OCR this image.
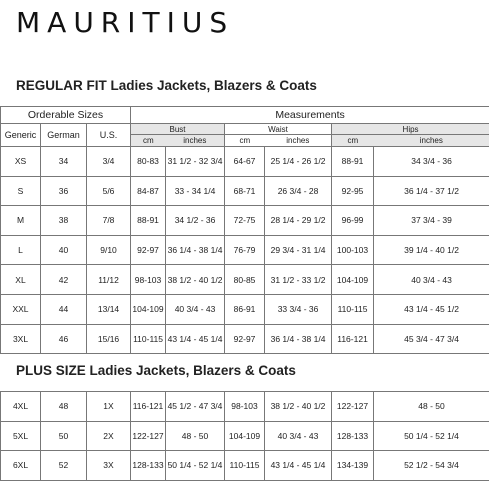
MAURITIUS
REGULAR FIT Ladies Jackets, Blazers & Coats
Orderable Sizes			Measurements					
Generic	German	U.S.	Bust		Waist		Hips	
			cm	inches	cm	inches	cm	inches
XS	34	3/4	80-83	31 1/2 - 32 3/4	64-67	25 1/4 - 26 1/2	88-91	34 3/4 - 36
S	36	5/6	84-87	33 - 34 1/4	68-71	26 3/4 - 28	92-95	36 1/4 - 37 1/2
M	38	7/8	88-91	34 1/2 - 36	72-75	28 1/4 - 29 1/2	96-99	37 3/4 - 39
L	40	9/10	92-97	36 1/4 - 38 1/4	76-79	29 3/4 - 31 1/4	100-103	39 1/4 - 40 1/2
XL	42	11/12	98-103	38 1/2 - 40 1/2	80-85	31 1/2 - 33 1/2	104-109	40 3/4 - 43
XXL	44	13/14	104-109	40 3/4 - 43	86-91	33 3/4 - 36	110-115	43 1/4 - 45 1/2
3XL	46	15/16	110-115	43 1/4 - 45 1/4	92-97	36 1/4 - 38 1/4	116-121	45 3/4 - 47 3/4
PLUS SIZE Ladies Jackets, Blazers & Coats
4XL	48	1X	116-121	45 1/2 - 47 3/4	98-103	38 1/2 - 40 1/2	122-127	48 - 50
5XL	50	2X	122-127	48 - 50	104-109	40 3/4 - 43	128-133	50 1/4 - 52 1/4
6XL	52	3X	128-133	50 1/4 - 52 1/4	110-115	43 1/4 - 45 1/4	134-139	52 1/2 - 54 3/4
